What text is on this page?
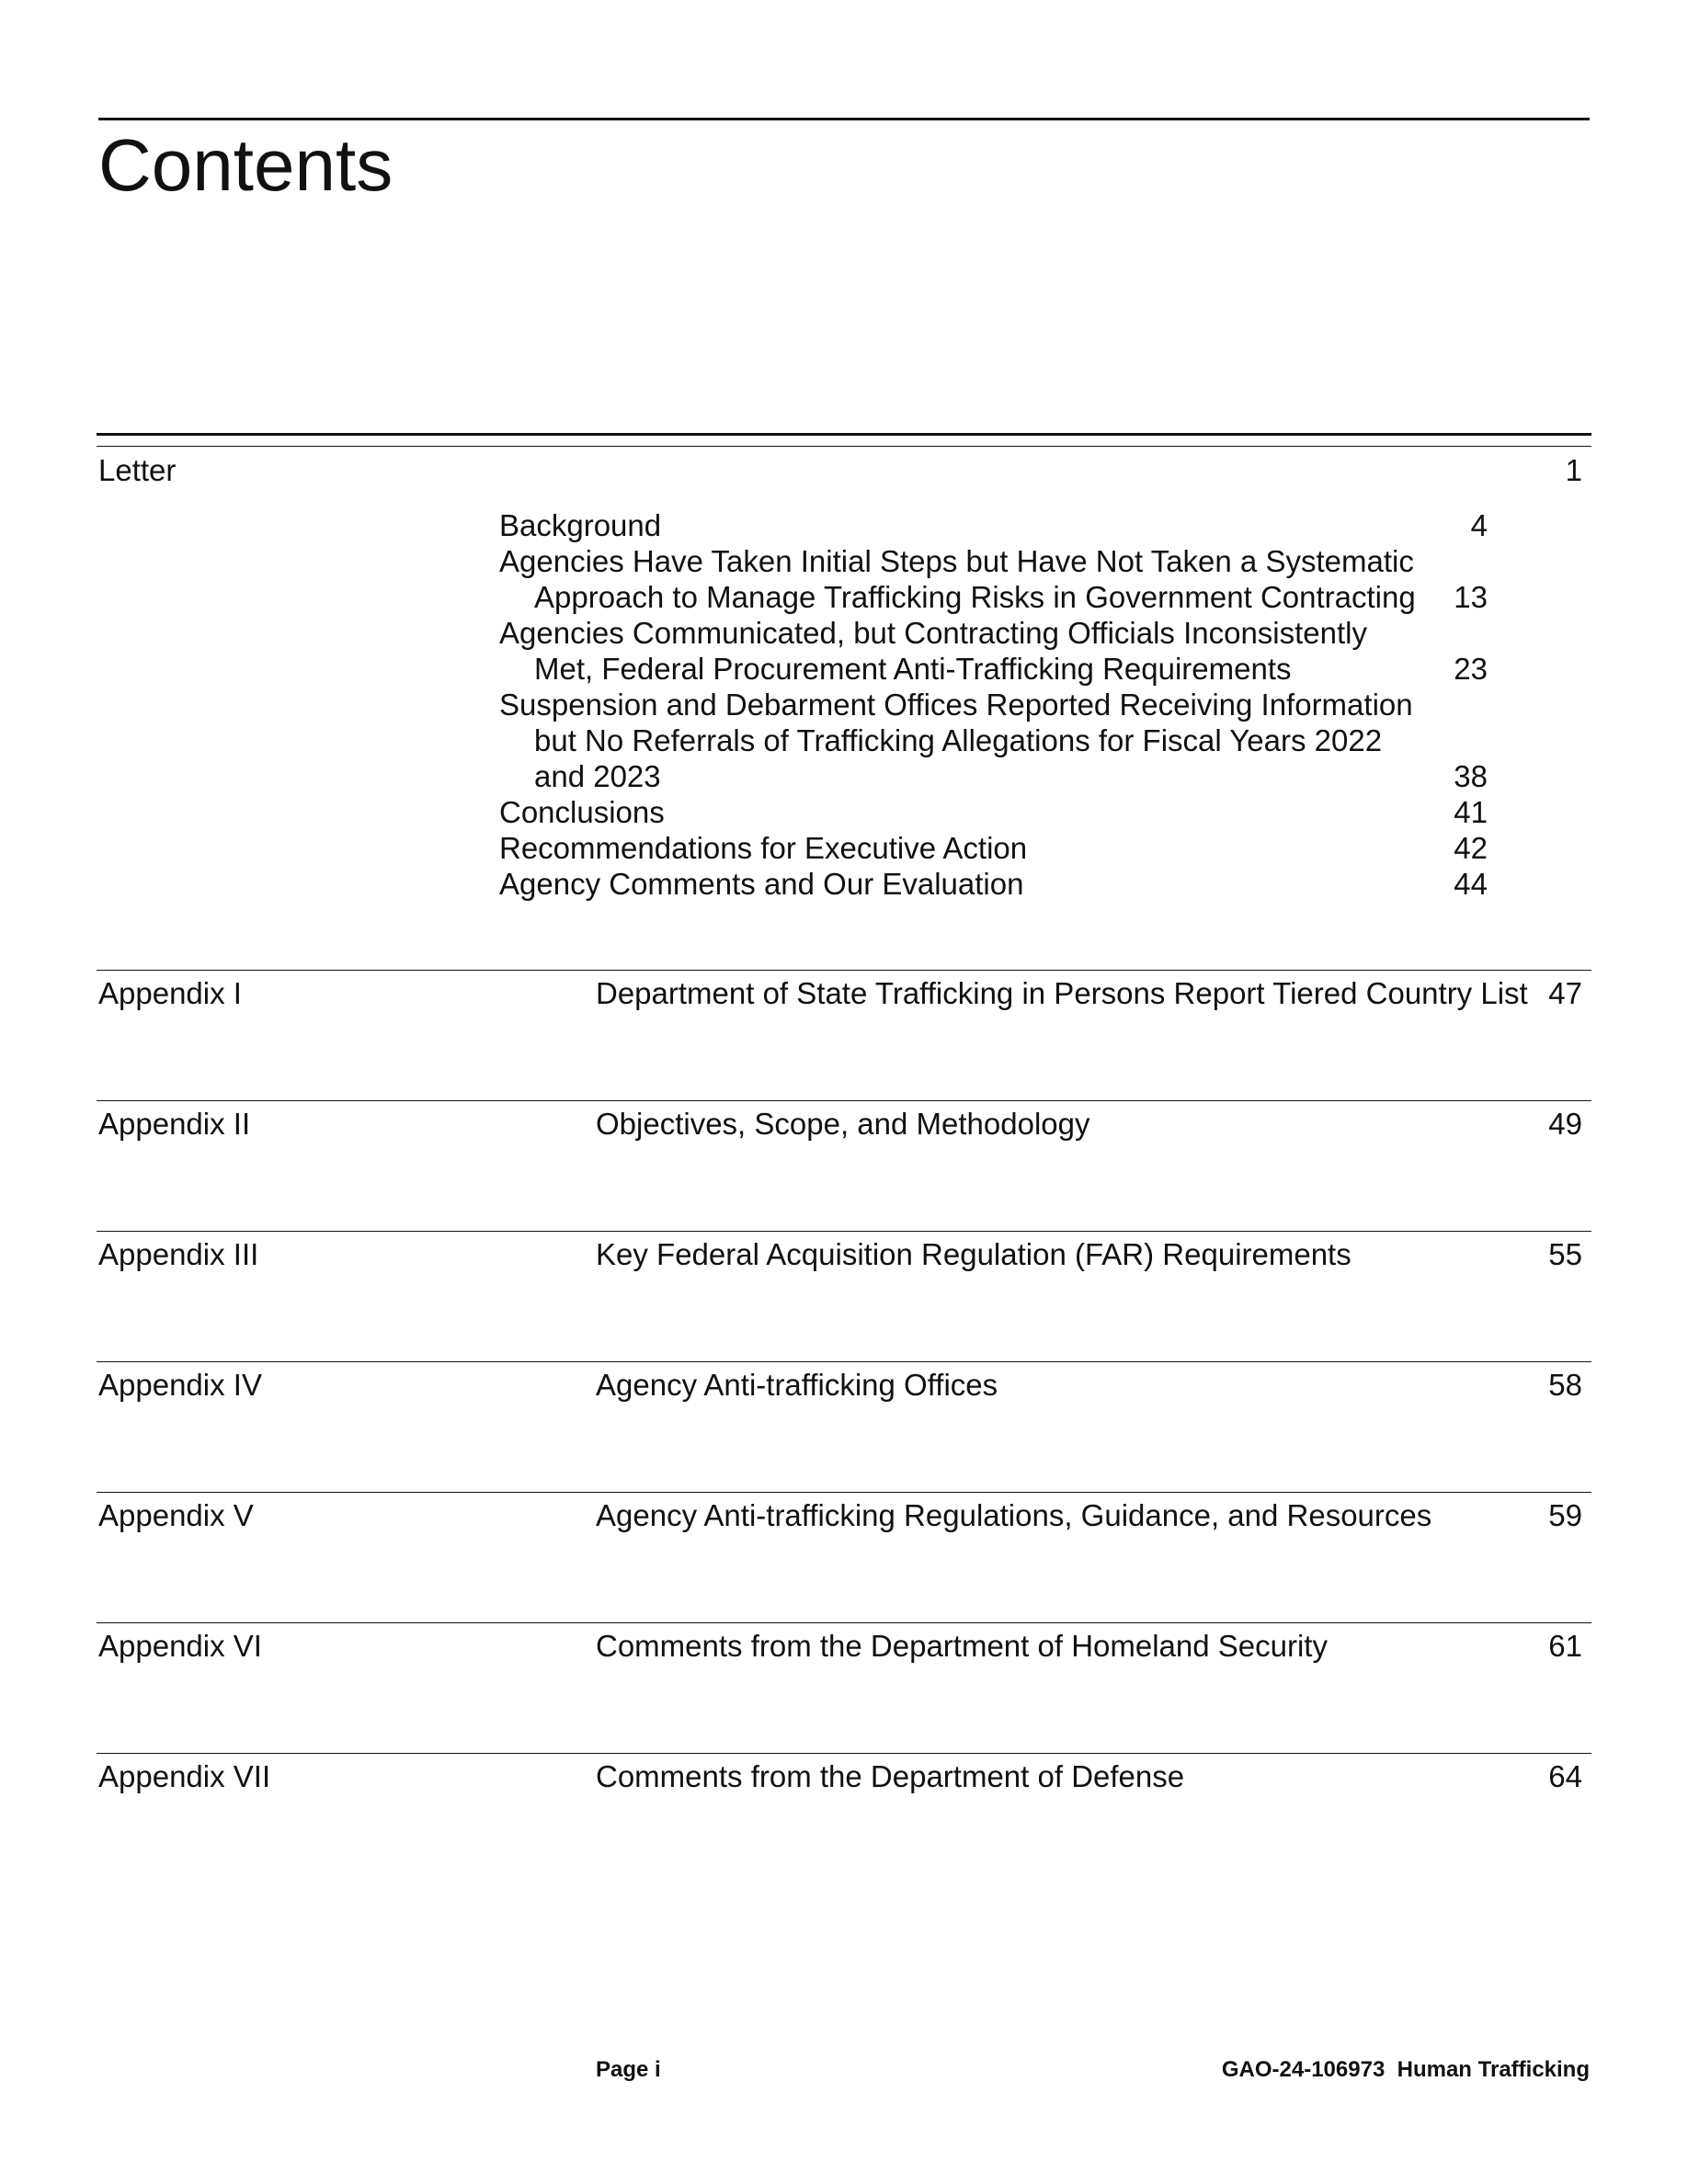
Contents
Letter	1
Background	4
Agencies Have Taken Initial Steps but Have Not Taken a Systematic Approach to Manage Trafficking Risks in Government Contracting	13
Agencies Communicated, but Contracting Officials Inconsistently Met, Federal Procurement Anti-Trafficking Requirements	23
Suspension and Debarment Offices Reported Receiving Information but No Referrals of Trafficking Allegations for Fiscal Years 2022 and 2023	38
Conclusions	41
Recommendations for Executive Action	42
Agency Comments and Our Evaluation	44
Appendix I	Department of State Trafficking in Persons Report Tiered Country List 47
Appendix II	Objectives, Scope, and Methodology	49
Appendix III	Key Federal Acquisition Regulation (FAR) Requirements	55
Appendix IV	Agency Anti-trafficking Offices	58
Appendix V	Agency Anti-trafficking Regulations, Guidance, and Resources	59
Appendix VI	Comments from the Department of Homeland Security	61
Appendix VII	Comments from the Department of Defense	64
Page i	GAO-24-106973  Human Trafficking
